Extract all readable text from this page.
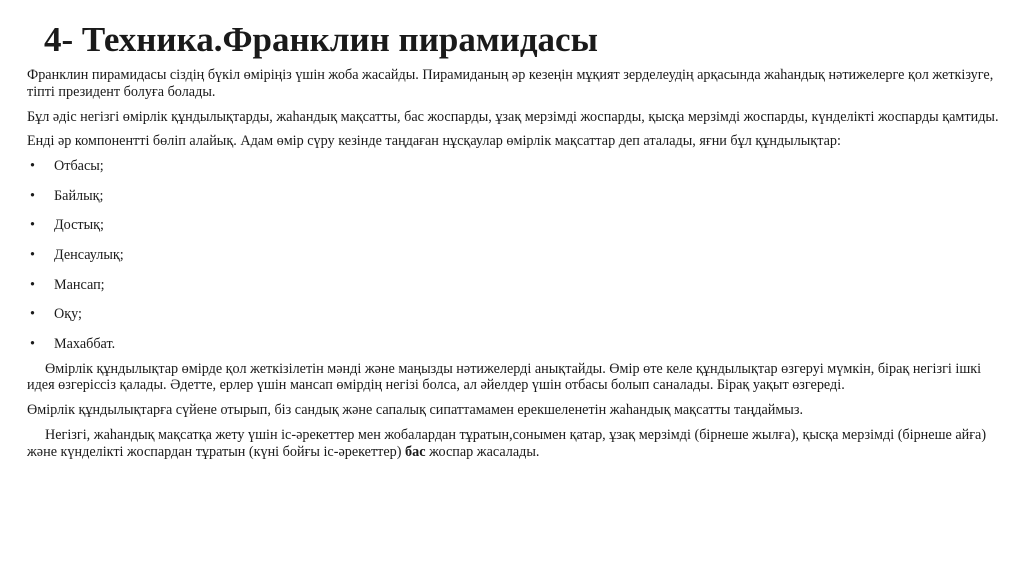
4- Техника.Франклин пирамидасы

Франклин пирамидасы сіздің бүкіл өміріңіз үшін жоба жасайды. Пирамиданың әр кезеңін мұқият зерделеудің арқасында жаһандық нәтижелерге қол жеткізуге, тіпті президент болуға болады.

Бұл әдіс негізгі өмірлік құндылықтарды, жаһандық мақсатты, бас жоспарды, ұзақ мерзімді жоспарды, қысқа мерзімді жоспарды, күнделікті жоспарды қамтиды.

Енді әр компонентті бөліп алайық. Адам өмір сүру кезінде таңдаған нұсқаулар өмірлік мақсаттар деп аталады, яғни бұл құндылықтар:

•	Отбасы;
•	Байлық;
•	Достық;
•	Денсаулық;
•	Мансап;
•	Оқу;
•	Махаббат.

Өмірлік құндылықтар өмірде қол жеткізілетін мәнді және маңызды нәтижелерді анықтайды. Өмір өте келе құндылықтар өзгеруі мүмкін, бірақ негізгі ішкі идея өзгеріссіз қалады. Әдетте, ерлер үшін мансап өмірдің негізі болса, ал әйелдер үшін отбасы болып саналады. Бірақ уақыт өзгереді.

Өмірлік құндылықтарға сүйене отырып, біз сандық және сапалық сипаттамамен ерекшеленетін жаһандық мақсатты таңдаймыз.

Негізгі, жаһандық мақсатқа жету үшін іс-әрекеттер мен жобалардан тұратын,сонымен қатар, ұзақ мерзімді (бірнеше жылға), қысқа мерзімді (бірнеше айға) және күнделікті жоспардан тұратын (күні бойғы іс-әрекеттер) бас жоспар жасалады.
